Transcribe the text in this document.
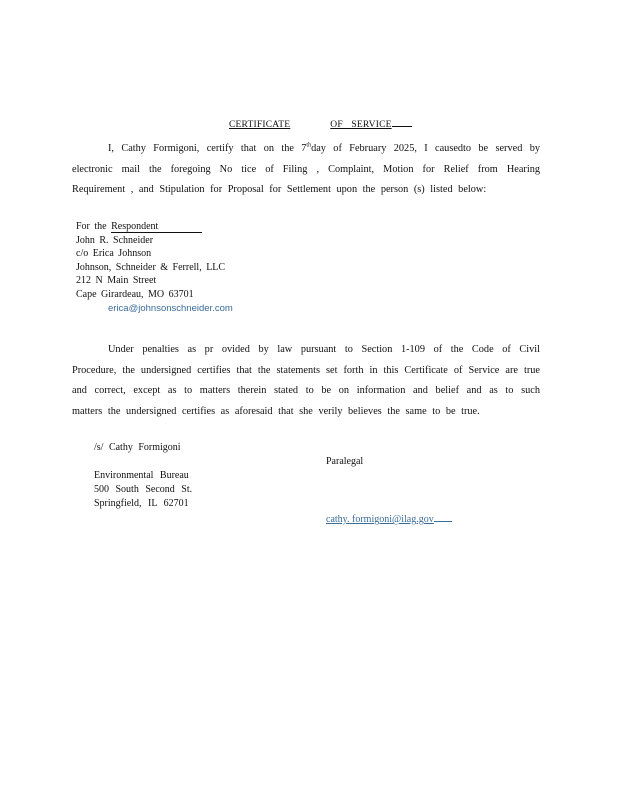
CERTIFICATE	OF SERVICE
I, Cathy Formigoni, certify that on the 7thday of February 2025, I causedto be served by electronic mail the foregoing No tice of Filing , Complaint, Motion for Relief from Hearing Requirement , and Stipulation for Proposal for Settlement upon the person (s) listed below:
For the Respondent
John R. Schneider
c/o Erica Johnson
Johnson, Schneider & Ferrell, LLC
212 N Main Street
Cape Girardeau, MO 63701
erica@johnsonschneider.com
Under penalties as pr ovided by law pursuant to Section 1-109 of the Code of Civil Procedure, the undersigned certifies that the statements set forth in this Certificate of Service are true and correct, except as to matters therein stated to be on information and belief and as to such matters the undersigned certifies as aforesaid that she verily believes the same to be true.
/s/ Cathy Formigoni
Paralegal
Environmental Bureau
500 South Second St.
Springfield, IL 62701
cathy. formigoni@ilag.gov
